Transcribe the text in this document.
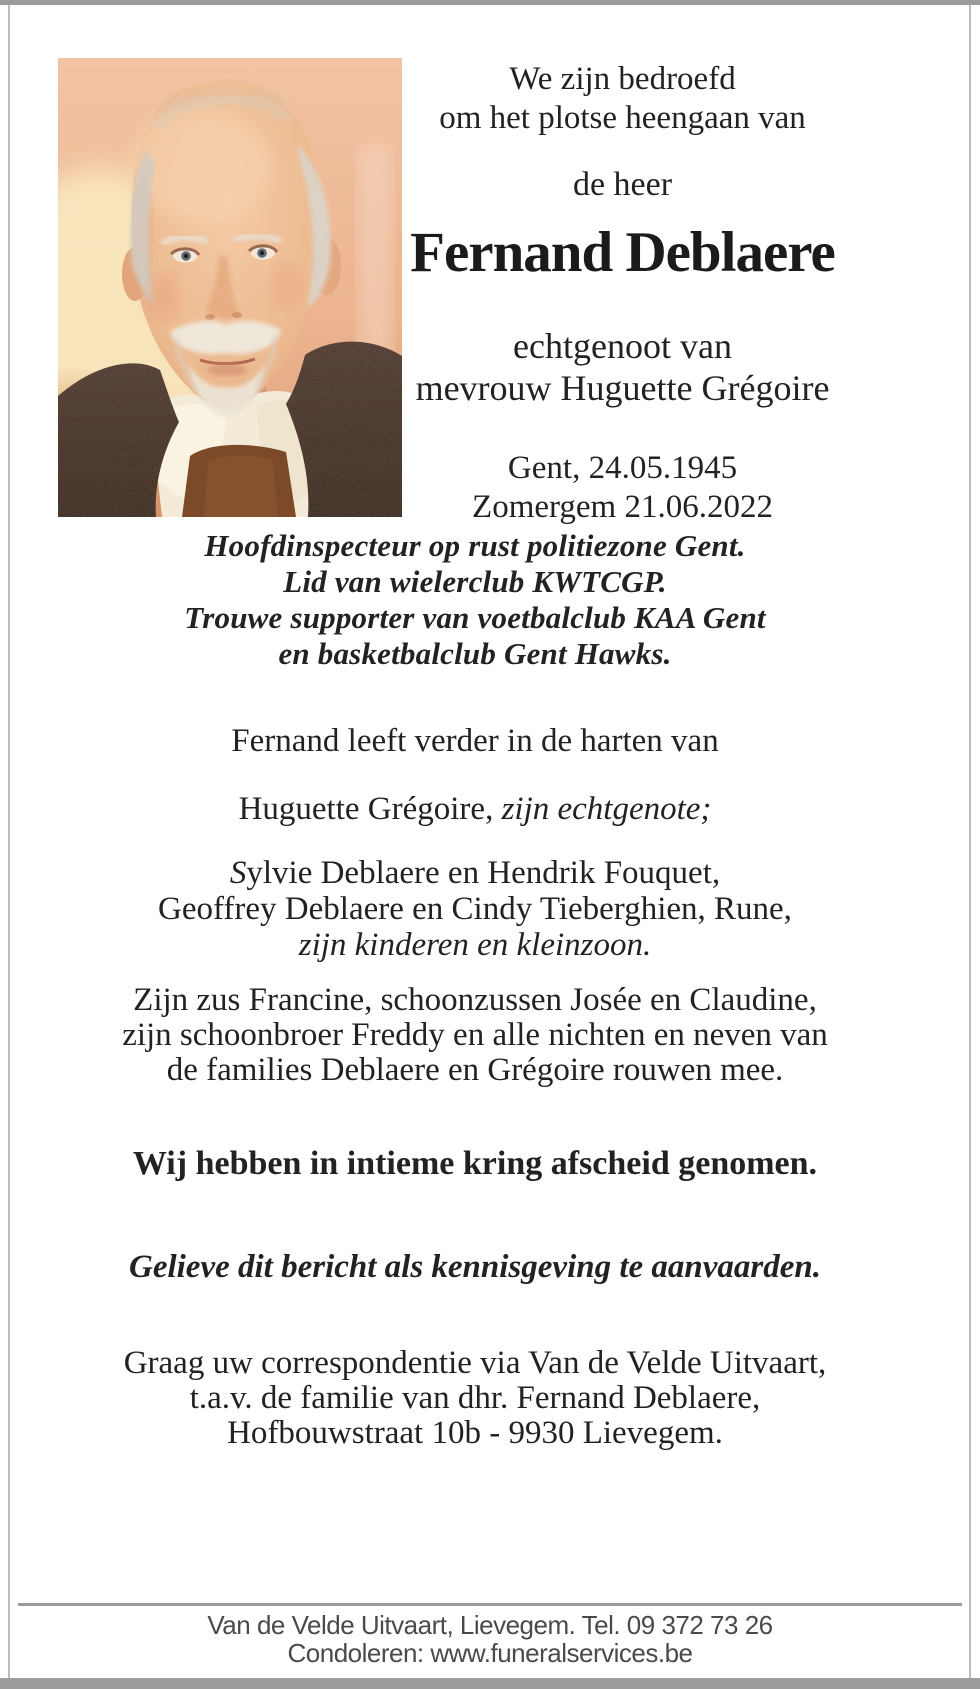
We zijn bedroefd
om het plotse heengaan van
de heer
Fernand Deblaere
echtgenoot van
mevrouw Huguette Grégoire
Gent, 24.05.1945
Zomergem 21.06.2022
Hoofdinspecteur op rust politiezone Gent.
Lid van wielerclub KWTCGP.
Trouwe supporter van voetbalclub KAA Gent
en basketbalclub Gent Hawks.
Fernand leeft verder in de harten van
Huguette Grégoire, zijn echtgenote;
Sylvie Deblaere en Hendrik Fouquet,
Geoffrey Deblaere en Cindy Tieberghien, Rune,
zijn kinderen en kleinzoon.
Zijn zus Francine, schoonzussen Josée en Claudine,
zijn schoonbroer Freddy en alle nichten en neven van
de families Deblaere en Grégoire rouwen mee.
Wij hebben in intieme kring afscheid genomen.
Gelieve dit bericht als kennisgeving te aanvaarden.
Graag uw correspondentie via Van de Velde Uitvaart,
t.a.v. de familie van dhr. Fernand Deblaere,
Hofbouwstraat 10b - 9930 Lievegem.
Van de Velde Uitvaart, Lievegem. Tel. 09 372 73 26
Condoleren: www.funeralservices.be
